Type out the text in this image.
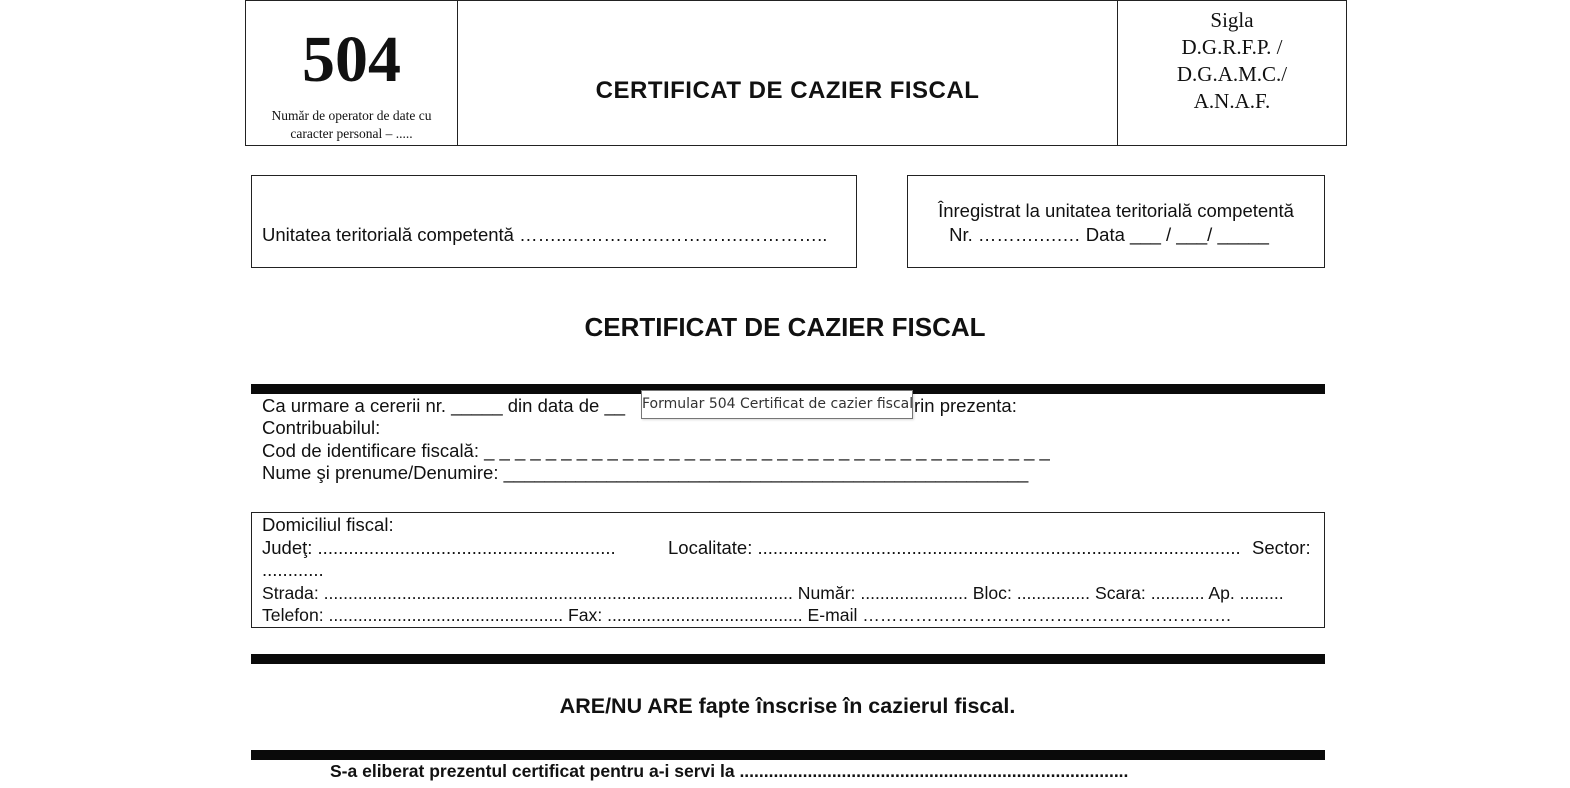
504
Număr de operator de date cu
caracter personal – .....
CERTIFICAT DE CAZIER FISCAL
Sigla
D.G.R.F.P. /
D.G.A.M.C./
A.N.A.F.
Unitatea teritorială competentă ……..…………….………….…………..
Înregistrat la unitatea teritorială competentă
Nr. ……….….… Data ___ / ___/ _____
CERTIFICAT DE CAZIER FISCAL
Ca urmare a cererii nr. _____ din data de __	rin prezenta:
Contribuabilul:
Cod de identificare fiscală: _ _ _ _ _ _ _ _ _ _ _ _ _ _ _ _ _ _ _ _ _ _ _ _ _ _ _ _ _ _ _ _ _ _ _ _ _
Nume şi prenume/Denumire: ___________________________________________________
Formular 504 Certificat de cazier fiscal
Domiciliul fiscal:
Judeţ: ..........................................................	Localitate: .............................................................................................. Sector:
............
Strada: ................................................................................................ Număr: ...................... Bloc: ............... Scara: ........... Ap. .........
Telefon: ................................................ Fax: ........................................ E-mail ………………………………………………………
ARE/NU ARE fapte înscrise în cazierul fiscal.
S-a eliberat prezentul certificat pentru a-i servi la ................................................................................
